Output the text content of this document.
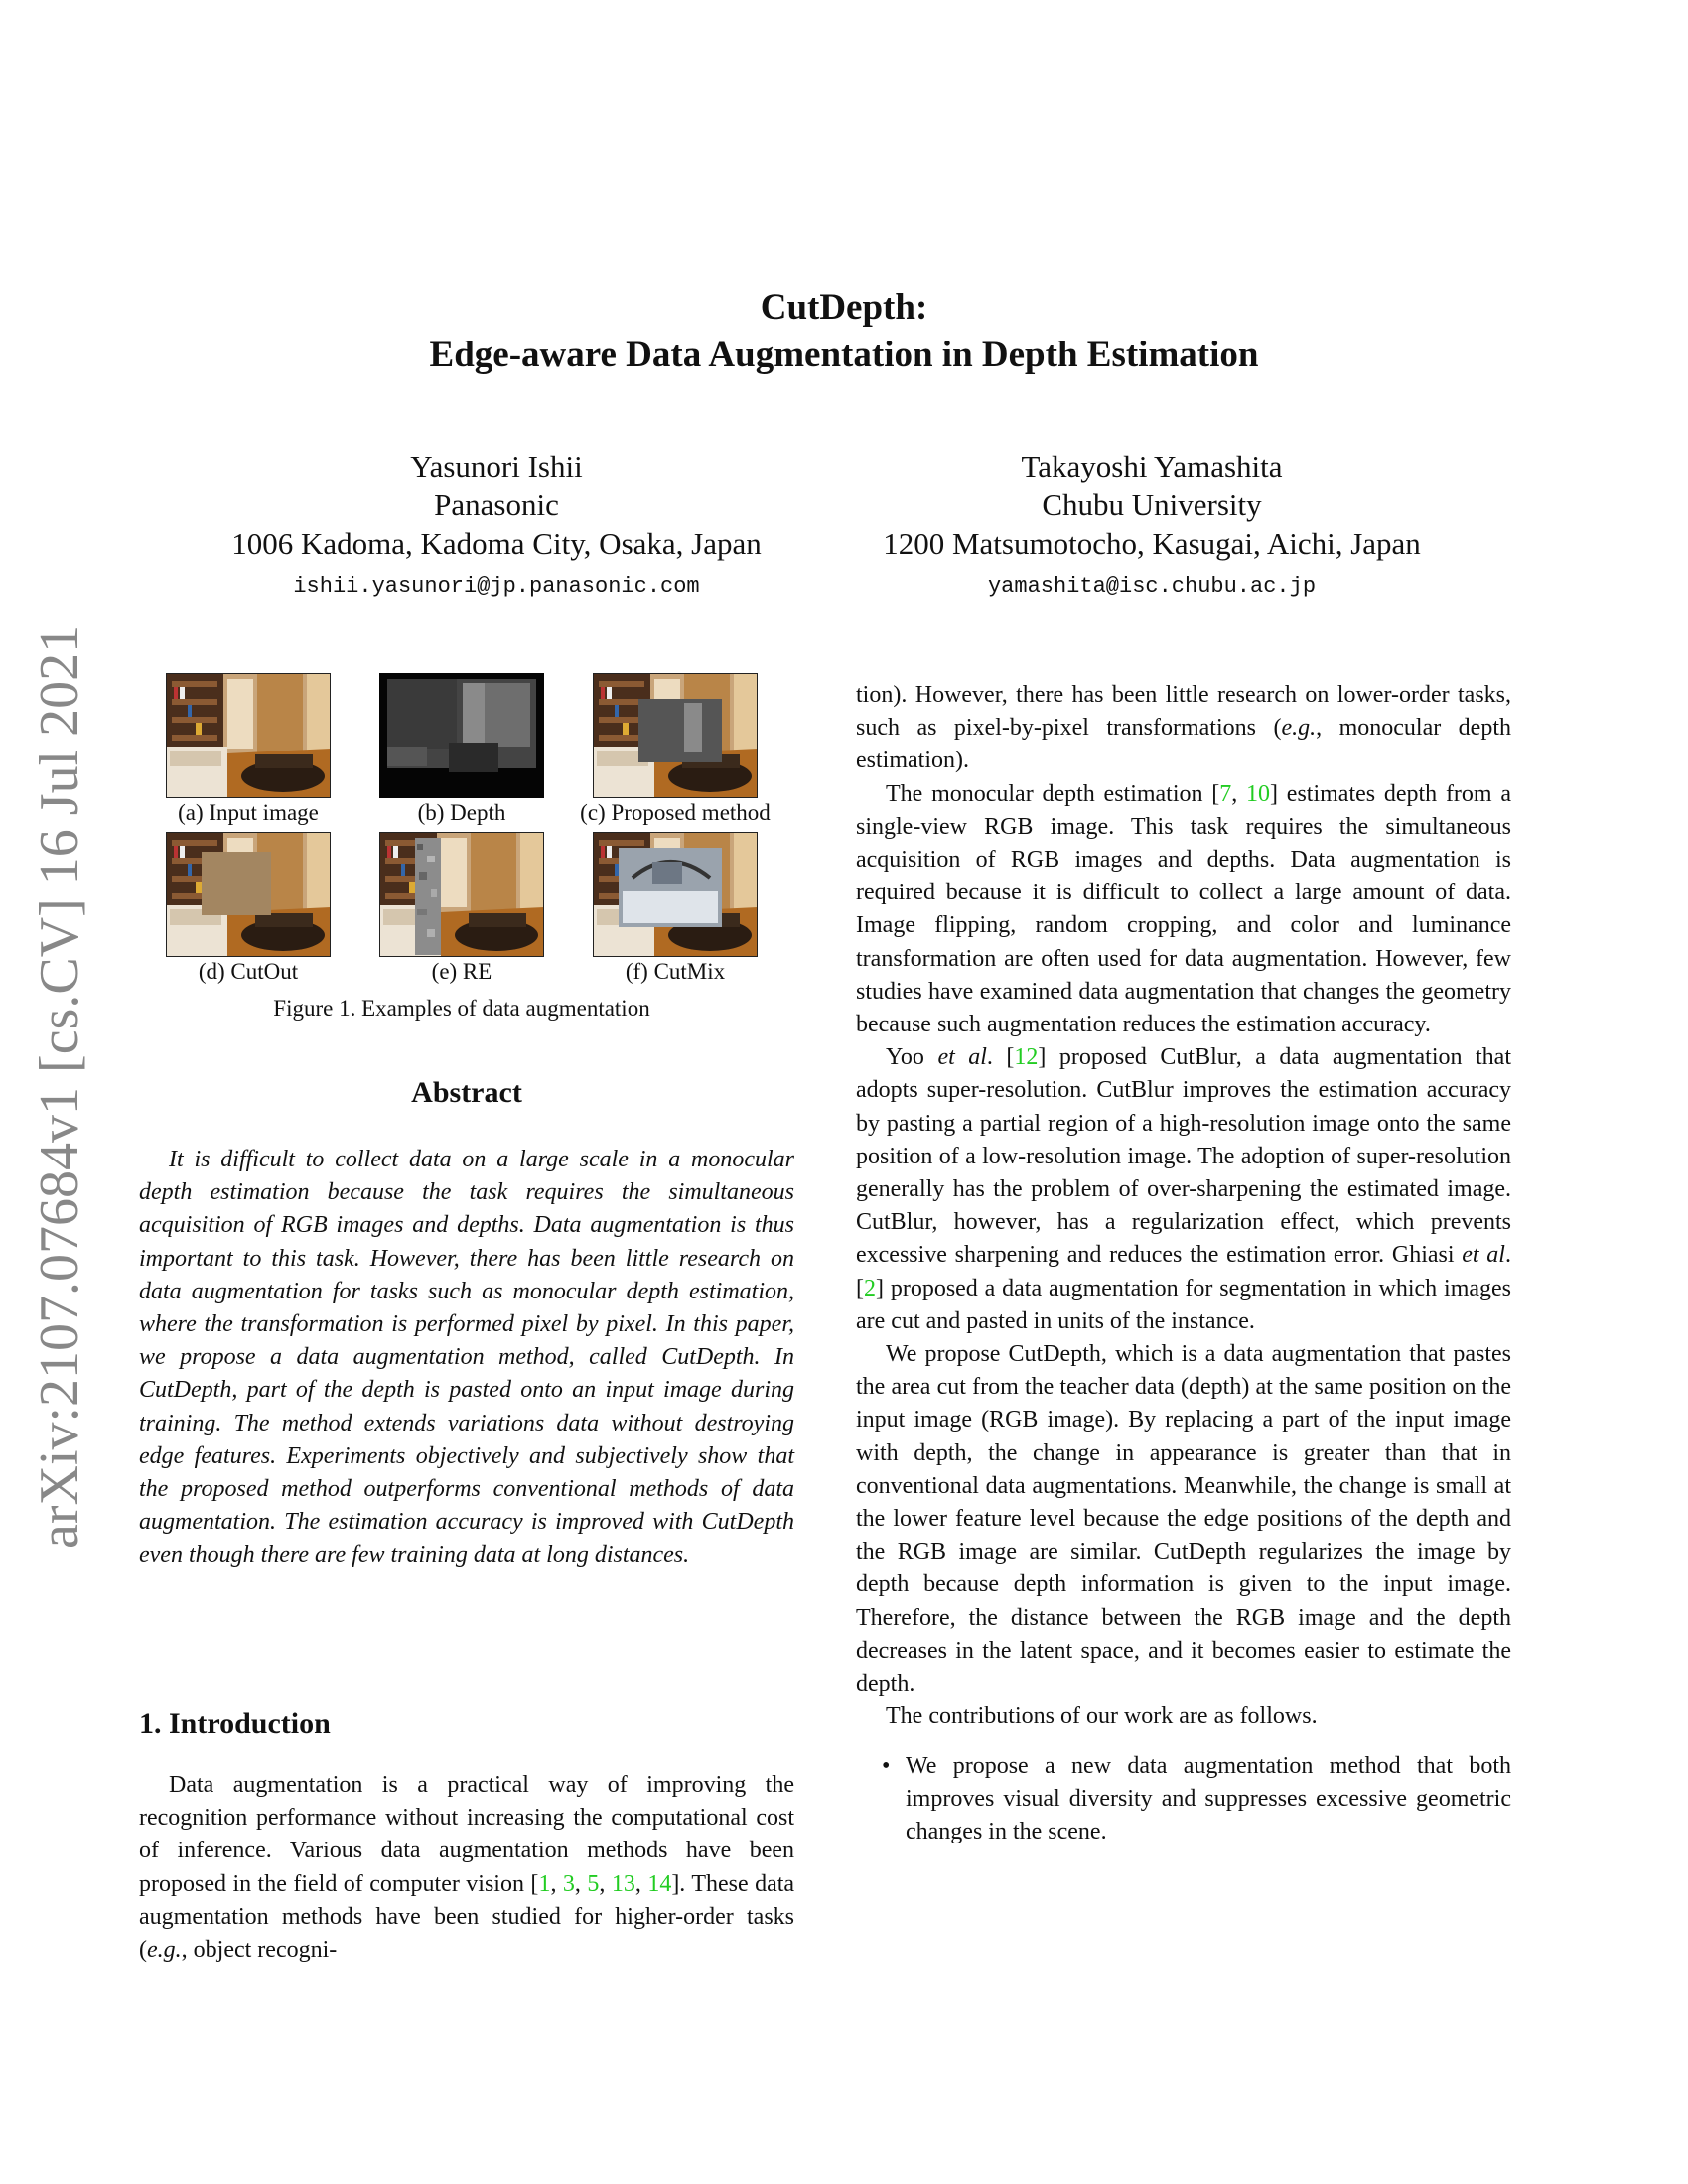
arXiv:2107.07684v1 [cs.CV] 16 Jul 2021
CutDepth:
Edge-aware Data Augmentation in Depth Estimation
Yasunori Ishii
Panasonic
1006 Kadoma, Kadoma City, Osaka, Japan
ishii.yasunori@jp.panasonic.com
Takayoshi Yamashita
Chubu University
1200 Matsumotocho, Kasugai, Aichi, Japan
yamashita@isc.chubu.ac.jp
(a) Input image	(b) Depth	(c) Proposed method
(d) CutOut	(e) RE	(f) CutMix
Figure 1. Examples of data augmentation
Abstract

It is difficult to collect data on a large scale in a monocular depth estimation because the task requires the simultaneous acquisition of RGB images and depths. Data augmentation is thus important to this task. However, there has been little research on data augmentation for tasks such as monocular depth estimation, where the transformation is performed pixel by pixel. In this paper, we propose a data augmentation method, called CutDepth. In CutDepth, part of the depth is pasted onto an input image during training. The method extends variations data without destroying edge features. Experiments objectively and subjectively show that the proposed method outperforms conventional methods of data augmentation. The estimation accuracy is improved with CutDepth even though there are few training data at long distances.

1. Introduction

Data augmentation is a practical way of improving the recognition performance without increasing the computational cost of inference. Various data augmentation methods have been proposed in the field of computer vision [1, 3, 5, 13, 14]. These data augmentation methods have been studied for higher-order tasks (e.g., object recogni-

tion). However, there has been little research on lower-order tasks, such as pixel-by-pixel transformations (e.g., monocular depth estimation).

The monocular depth estimation [7, 10] estimates depth from a single-view RGB image. This task requires the simultaneous acquisition of RGB images and depths. Data augmentation is required because it is difficult to collect a large amount of data. Image flipping, random cropping, and color and luminance transformation are often used for data augmentation. However, few studies have examined data augmentation that changes the geometry because such augmentation reduces the estimation accuracy.

Yoo et al. [12] proposed CutBlur, a data augmentation that adopts super-resolution. CutBlur improves the estimation accuracy by pasting a partial region of a high-resolution image onto the same position of a low-resolution image. The adoption of super-resolution generally has the problem of over-sharpening the estimated image. CutBlur, however, has a regularization effect, which prevents excessive sharpening and reduces the estimation error. Ghiasi et al. [2] proposed a data augmentation for segmentation in which images are cut and pasted in units of the instance.

We propose CutDepth, which is a data augmentation that pastes the area cut from the teacher data (depth) at the same position on the input image (RGB image). By replacing a part of the input image with depth, the change in appearance is greater than that in conventional data augmentations. Meanwhile, the change is small at the lower feature level because the edge positions of the depth and the RGB image are similar. CutDepth regularizes the image by depth because depth information is given to the input image. Therefore, the distance between the RGB image and the depth decreases in the latent space, and it becomes easier to estimate the depth.

The contributions of our work are as follows.

• We propose a new data augmentation method that both improves visual diversity and suppresses excessive geometric changes in the scene.
